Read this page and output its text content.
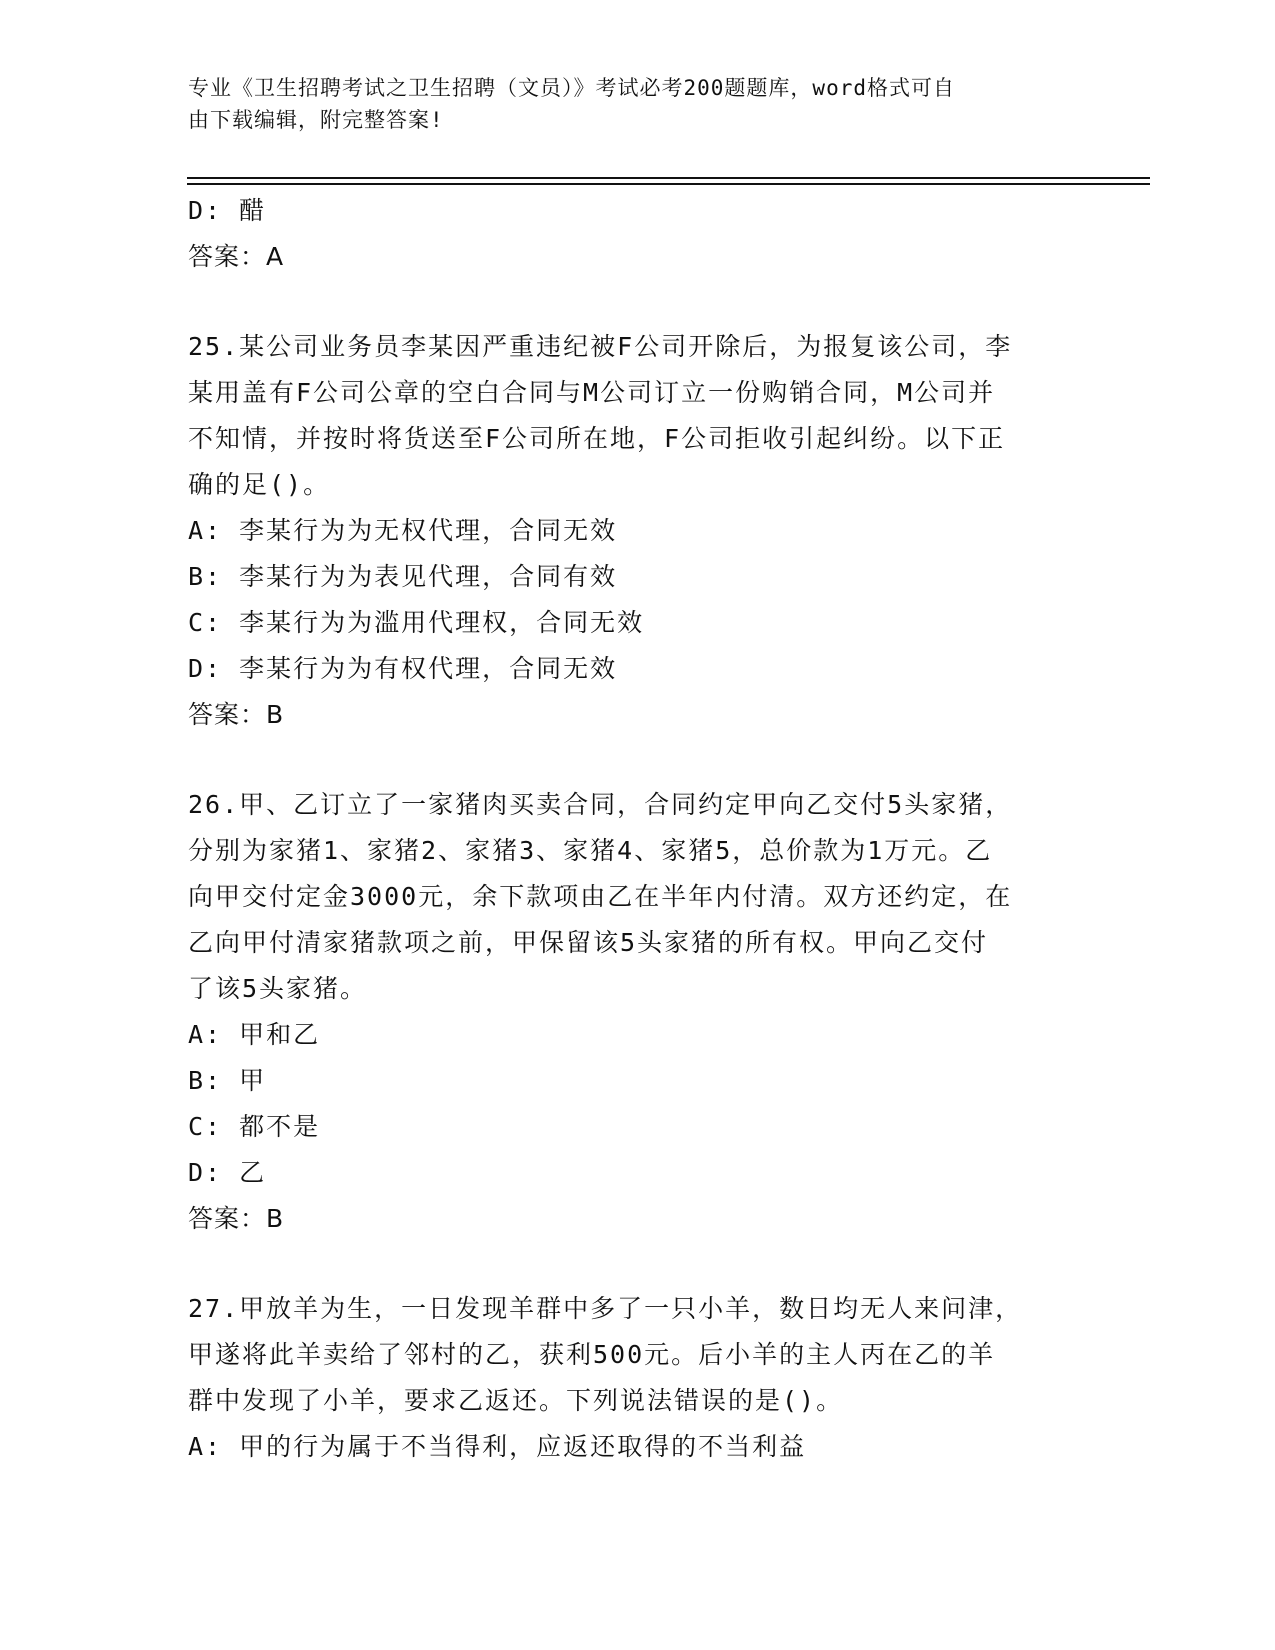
专业《卫生招聘考试之卫生招聘（文员）》考试必考200题题库，word格式可自
由下载编辑，附完整答案!
D: 醋
答案：A
25.某公司业务员李某因严重违纪被F公司开除后，为报复该公司，李
某用盖有F公司公章的空白合同与M公司订立一份购销合同，M公司并
不知情，并按时将货送至F公司所在地，F公司拒收引起纠纷。以下正
确的足()。
A: 李某行为为无权代理，合同无效
B: 李某行为为表见代理，合同有效
C: 李某行为为滥用代理权，合同无效
D: 李某行为为有权代理，合同无效
答案：B
26.甲、乙订立了一家猪肉买卖合同，合同约定甲向乙交付5头家猪，
分别为家猪1、家猪2、家猪3、家猪4、家猪5，总价款为1万元。乙
向甲交付定金3000元，余下款项由乙在半年内付清。双方还约定，在
乙向甲付清家猪款项之前，甲保留该5头家猪的所有权。甲向乙交付
了该5头家猪。
A: 甲和乙
B: 甲
C: 都不是
D: 乙
答案：B
27.甲放羊为生，一日发现羊群中多了一只小羊，数日均无人来问津，
甲遂将此羊卖给了邻村的乙，获利500元。后小羊的主人丙在乙的羊
群中发现了小羊，要求乙返还。下列说法错误的是()。
A: 甲的行为属于不当得利，应返还取得的不当利益
